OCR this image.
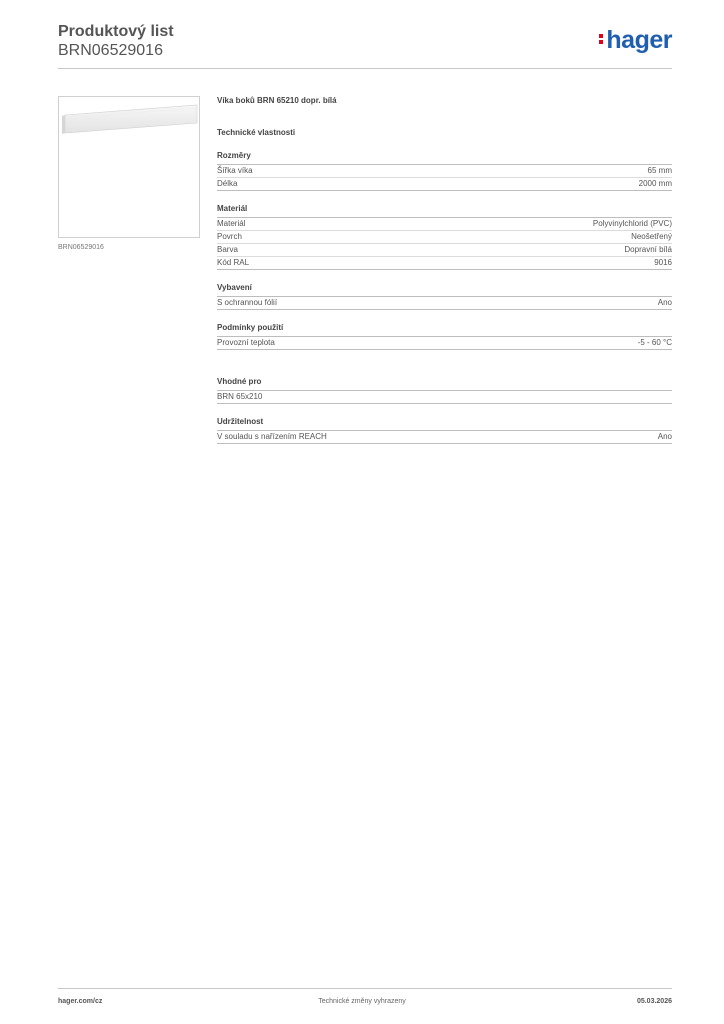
Produktový list
BRN06529016	hager
BRN06529016
Víka boků BRN 65210 dopr. bílá
Technické vlastnosti
Rozměry
Šířka víka	65 mm
Délka	2000 mm
Materiál
Materiál	Polyvinylchlorid (PVC)
Povrch	Neošetřený
Barva	Dopravní bílá
Kód RAL	9016
Vybavení
S ochrannou fólií	Ano
Podmínky použití
Provozní teplota	-5 - 60 °C
Vhodné pro
BRN 65x210
Udržitelnost
V souladu s nařízením REACH	Ano
hager.com/cz	Technické změny vyhrazeny	05.03.2026
